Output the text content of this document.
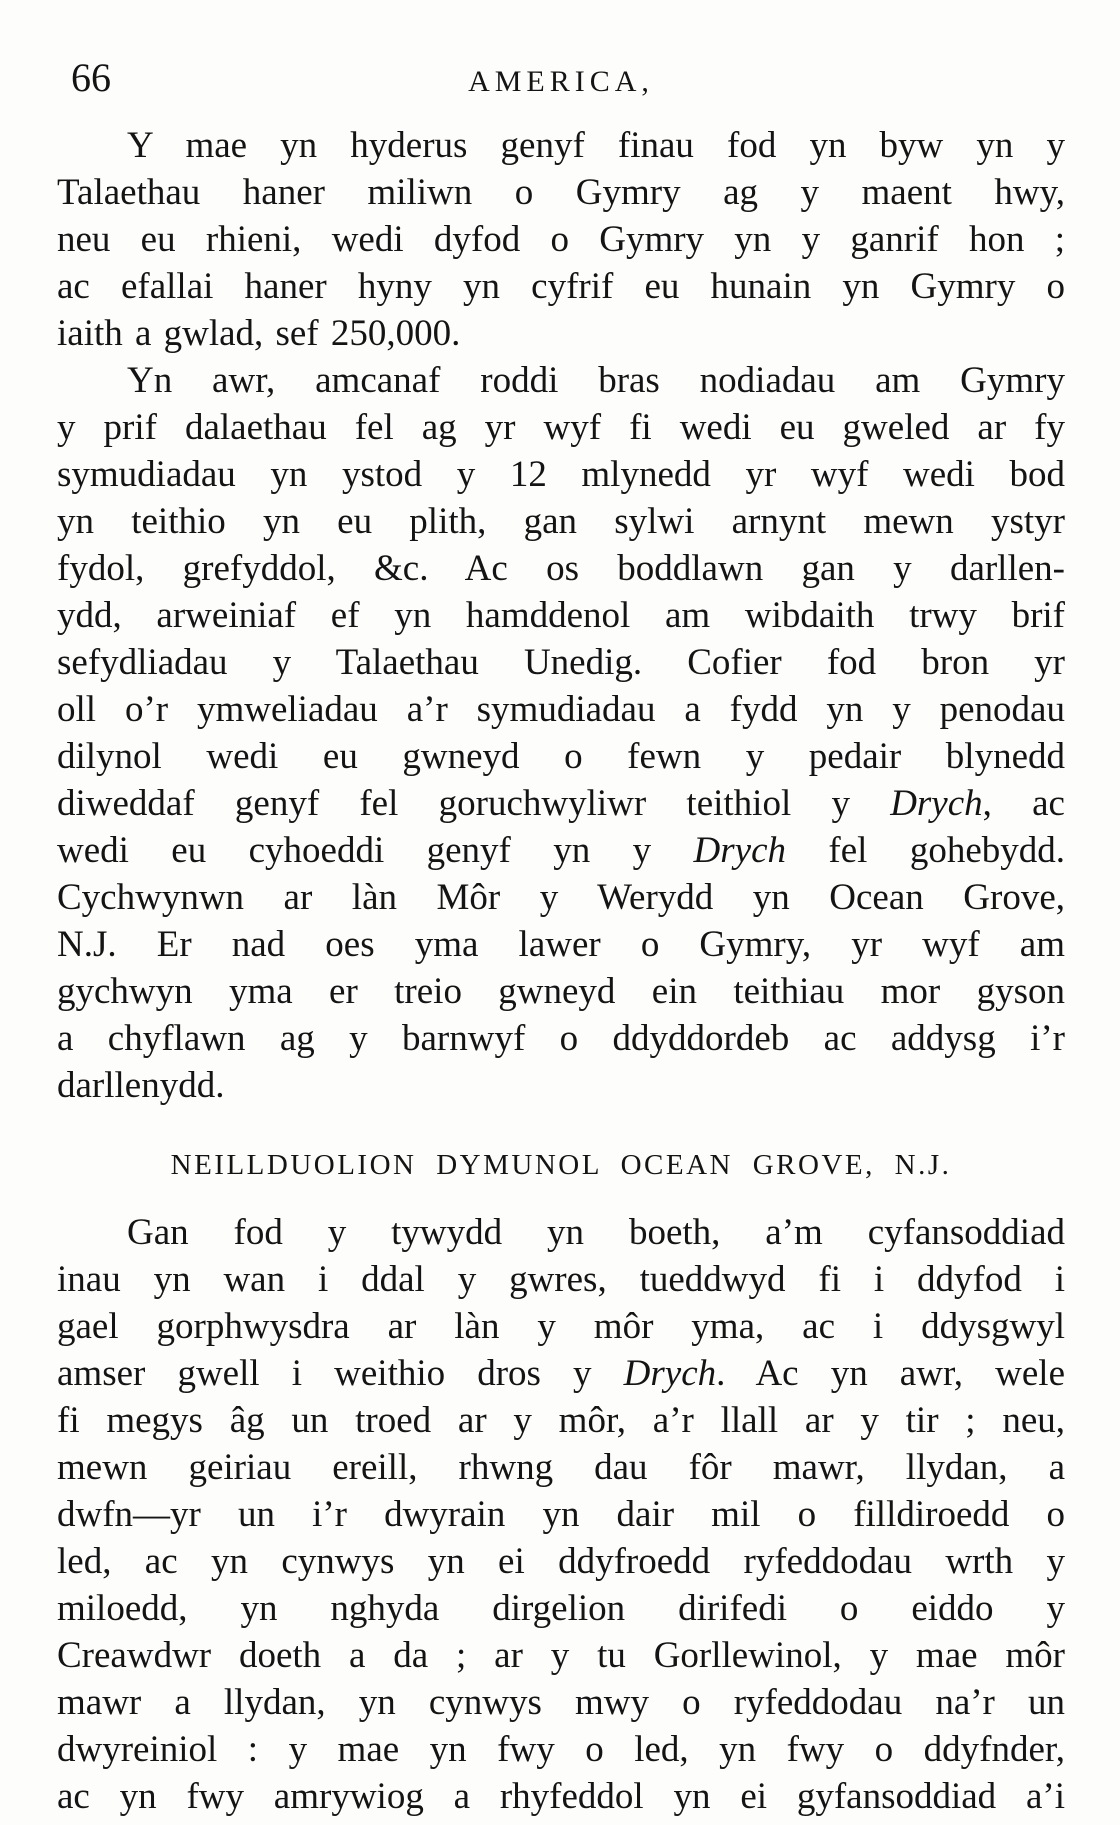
66	AMERICA,
Y mae yn hyderus genyf finau fod yn byw yn y
Talaethau haner miliwn o Gymry ag y maent hwy,
neu eu rhieni, wedi dyfod o Gymry yn y ganrif hon ;
ac efallai haner hyny yn cyfrif eu hunain yn Gymry o
iaith a gwlad, sef 250,000.
Yn awr, amcanaf roddi bras nodiadau am Gymry
y prif dalaethau fel ag yr wyf fi wedi eu gweled ar fy
symudiadau yn ystod y 12 mlynedd yr wyf wedi bod
yn teithio yn eu plith, gan sylwi arnynt mewn ystyr
fydol, grefyddol, &c. Ac os boddlawn gan y darllen-
ydd, arweiniaf ef yn hamddenol am wibdaith trwy brif
sefydliadau y Talaethau Unedig. Cofier fod bron yr
oll o’r ymweliadau a’r symudiadau a fydd yn y penodau
dilynol wedi eu gwneyd o fewn y pedair blynedd
diweddaf genyf fel goruchwyliwr teithiol y Drych, ac
wedi eu cyhoeddi genyf yn y Drych fel gohebydd.
Cychwynwn ar làn Môr y Werydd yn Ocean Grove,
N.J. Er nad oes yma lawer o Gymry, yr wyf am
gychwyn yma er treio gwneyd ein teithiau mor gyson
a chyflawn ag y barnwyf o ddyddordeb ac addysg i’r
darllenydd.
NEILLDUOLION DYMUNOL OCEAN GROVE, N.J.
Gan fod y tywydd yn boeth, a’m cyfansoddiad
inau yn wan i ddal y gwres, tueddwyd fi i ddyfod i
gael gorphwysdra ar làn y môr yma, ac i ddysgwyl
amser gwell i weithio dros y Drych. Ac yn awr, wele
fi megys âg un troed ar y môr, a’r llall ar y tir ; neu,
mewn geiriau ereill, rhwng dau fôr mawr, llydan, a
dwfn—yr un i’r dwyrain yn dair mil o filldiroedd o
led, ac yn cynwys yn ei ddyfroedd ryfeddodau wrth y
miloedd, yn nghyda dirgelion dirifedi o eiddo y
Creawdwr doeth a da ; ar y tu Gorllewinol, y mae môr
mawr a llydan, yn cynwys mwy o ryfeddodau na’r un
dwyreiniol : y mae yn fwy o led, yn fwy o ddyfnder,
ac yn fwy amrywiog a rhyfeddol yn ei gyfansoddiad a’i
